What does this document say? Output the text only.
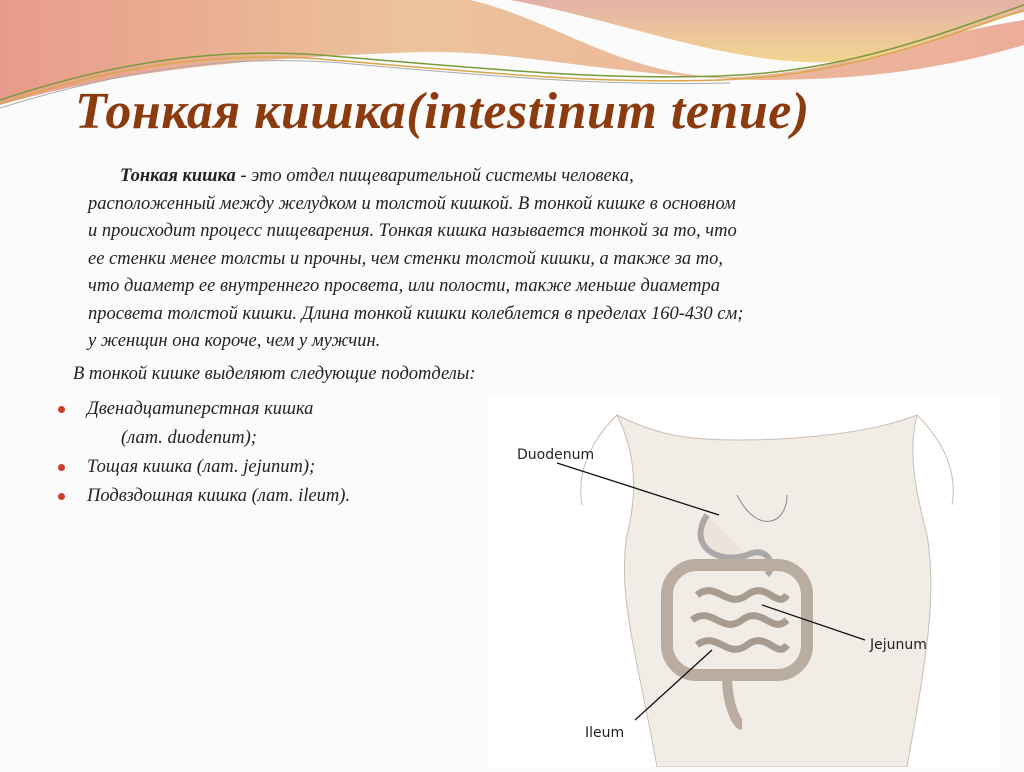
Тонкая кишка(intestinum tenue)
Тонкая кишка - это отдел пищеварительной системы человека,
расположенный между желудком и толстой кишкой. В тонкой кишке в основном
и происходит процесс пищеварения. Тонкая кишка называется тонкой за то, что
ее стенки менее толсты и прочны, чем стенки толстой кишки, а также за то,
что диаметр ее внутреннего просвета, или полости, также меньше диаметра
просвета толстой кишки. Длина тонкой кишки колеблется в пределах 160-430 см;
у женщин она короче, чем у мужчин.
В тонкой кишке выделяют следующие подотделы:
Двенадцатиперстная кишка
(лат. duodenum);
Тощая кишка (лат. jejunum);
Подвздошная кишка (лат. ileum).
Duodenum
Jejunum
Ileum
